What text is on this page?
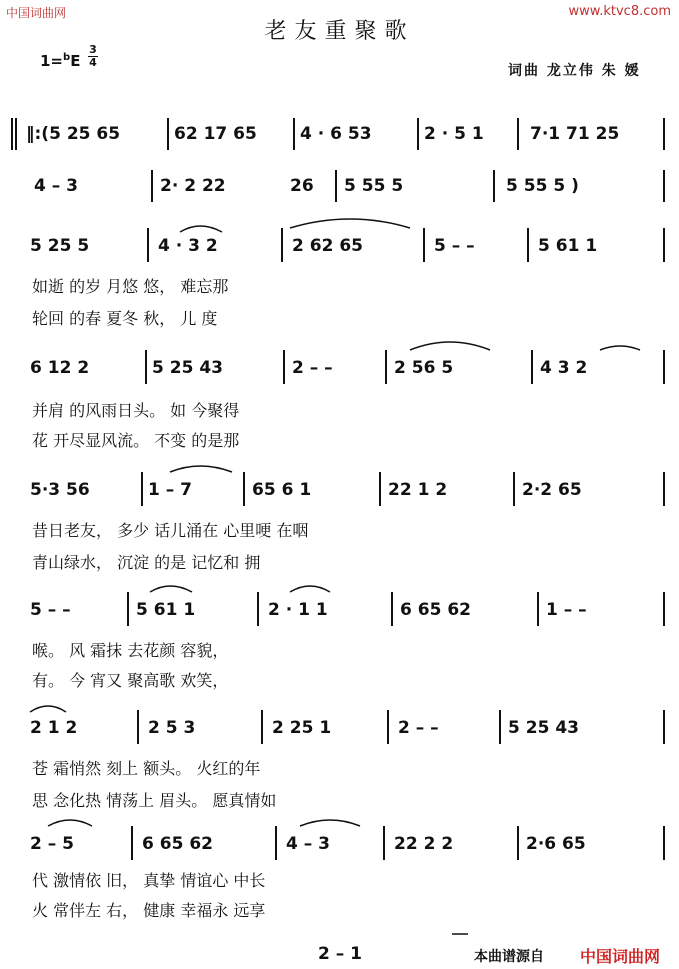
中国词曲网	www.ktvc8.com
老友重聚歌
1=$^b$E
3
4
词曲 龙立伟 朱 媛
‖:(5 25 65	62 17 65	4 · 6 53	2 · 5 1	7·1 71 25
4 – 3	2· 2 22	26 5 55 5	5 55 5 )
5 25 5	4 · 3 2	2 62 65	5 – –	5 61 1
如逝 的岁 月悠 悠， 难忘那
轮回 的春 夏冬 秋， 儿 度
6 12 2	5 25 43	2 – –	2 56 5	4 3 2
并肩 的风雨日头。 如 今聚得
花 开尽显风流。 不变 的是那
5·3 56	1 – 7	65 6 1	22 1 2	2·2 65
昔日老友， 多少 话儿涌在 心里哽 在咽
青山绿水， 沉淀 的是 记忆和 拥
5 – –	5 61 1	2 · 1 1	6 65 62	1 – –
喉。 风 霜抹 去花颜 容貌，
有。 今 宵又 聚高歌 欢笑，
2 1 2	2 5 3	2 25 1	2 – –	5 25 43
苍 霜悄然 刻上 额头。 火红的年
思 念化热 情荡上 眉头。 愿真情如
2 – 5	6 65 62	4 – 3	22 2 2	2·6 65
代 激情依 旧， 真挚 情谊心 中长
火 常伴左 右， 健康 幸福永 远享
2 – 1	本曲谱源自 中国词曲网
